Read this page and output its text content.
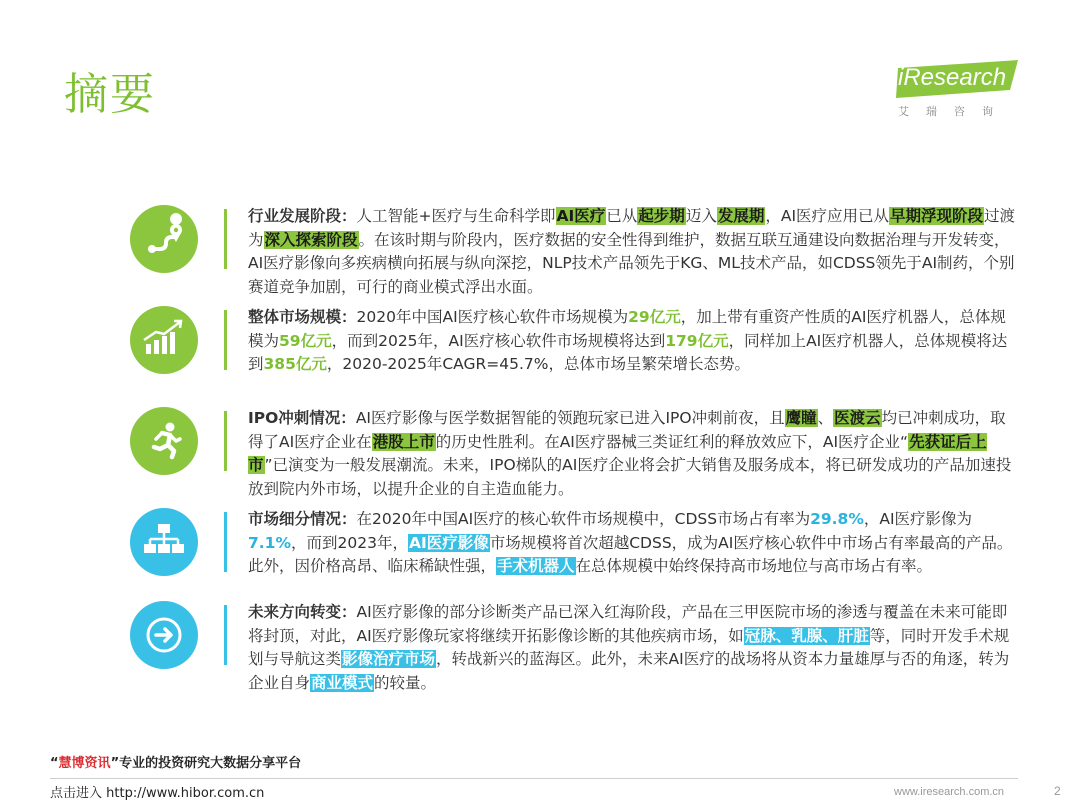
摘要	iResearch
艾瑞咨询
行业发展阶段：人工智能+医疗与生命科学即AI医疗已从起步期迈入发展期，AI医疗应用已从早期浮现阶段过渡为深入探索阶段。在该时期与阶段内，医疗数据的安全性得到维护，数据互联互通建设向数据治理与开发转变，AI医疗影像向多疾病横向拓展与纵向深挖，NLP技术产品领先于KG、ML技术产品，如CDSS领先于AI制药，个别赛道竞争加剧，可行的商业模式浮出水面。
整体市场规模：2020年中国AI医疗核心软件市场规模为29亿元，加上带有重资产性质的AI医疗机器人，总体规模为59亿元，而到2025年，AI医疗核心软件市场规模将达到179亿元，同样加上AI医疗机器人，总体规模将达到385亿元，2020-2025年CAGR=45.7%，总体市场呈繁荣增长态势。
IPO冲刺情况：AI医疗影像与医学数据智能的领跑玩家已进入IPO冲刺前夜，且鹰瞳、医渡云均已冲刺成功，取得了AI医疗企业在港股上市的历史性胜利。在AI医疗器械三类证红利的释放效应下，AI医疗企业“先获证后上市”已演变为一般发展潮流。未来，IPO梯队的AI医疗企业将会扩大销售及服务成本，将已研发成功的产品加速投放到院内外市场，以提升企业的自主造血能力。
市场细分情况：在2020年中国AI医疗的核心软件市场规模中，CDSS市场占有率为29.8%，AI医疗影像为7.1%，而到2023年，AI医疗影像市场规模将首次超越CDSS，成为AI医疗核心软件中市场占有率最高的产品。此外，因价格高昂、临床稀缺性强，手术机器人在总体规模中始终保持高市场地位与高市场占有率。
未来方向转变：AI医疗影像的部分诊断类产品已深入红海阶段，产品在三甲医院市场的渗透与覆盖在未来可能即将封顶，对此，AI医疗影像玩家将继续开拓影像诊断的其他疾病市场，如冠脉、乳腺、肝脏等，同时开发手术规划与导航这类影像治疗市场，转战新兴的蓝海区。此外，未来AI医疗的战场将从资本力量雄厚与否的角逐，转为企业自身商业模式的较量。
“慧博资讯”专业的投资研究大数据分享平台
点击进入 http://www.hibor.com.cn	www.iresearch.com.cn	2
